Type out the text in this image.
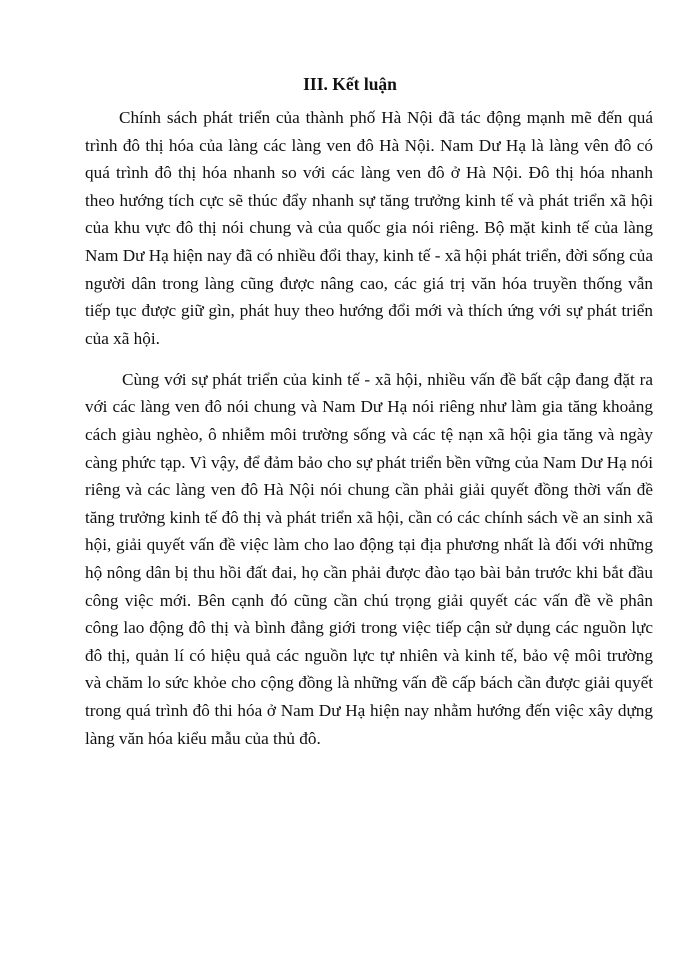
III. Kết luận

Chính sách phát triển của thành phố Hà Nội đã tác động mạnh mẽ đến quá trình đô thị hóa của làng các làng ven đô Hà Nội. Nam Dư Hạ là làng vên đô có quá trình đô thị hóa nhanh so với các làng ven đô ở Hà Nội. Đô thị hóa nhanh theo hướng tích cực sẽ thúc đẩy nhanh sự tăng trưởng kinh tế và phát triển xã hội của khu vực đô thị nói chung và của quốc gia nói riêng. Bộ mặt kinh tế của làng Nam Dư Hạ hiện nay đã có nhiều đổi thay, kinh tế - xã hội phát triển, đời sống của người dân trong làng cũng được nâng cao, các giá trị văn hóa truyền thống vẫn tiếp tục được giữ gìn, phát huy theo hướng đổi mới và thích ứng với sự phát triển của xã hội.

Cùng với sự phát triển của kinh tế - xã hội, nhiều vấn đề bất cập đang đặt ra với các làng ven đô nói chung và Nam Dư Hạ nói riêng như làm gia tăng khoảng cách giàu nghèo, ô nhiễm môi trường sống và các tệ nạn xã hội gia tăng và ngày càng phức tạp. Vì vậy, để đảm bảo cho sự phát triển bền vững của Nam Dư Hạ nói riêng và các làng ven đô Hà Nội nói chung cần phải giải quyết đồng thời vấn đề tăng trưởng kinh tế đô thị và phát triển xã hội, cần có các chính sách về an sinh xã hội, giải quyết vấn đề việc làm cho lao động tại địa phương nhất là đối với những hộ nông dân bị thu hồi đất đai, họ cần phải được đào tạo bài bản trước khi bắt đầu công việc mới. Bên cạnh đó cũng cần chú trọng giải quyết các vấn đề về phân công lao động đô thị và bình đẳng giới trong việc tiếp cận sử dụng các nguồn lực đô thị, quản lí có hiệu quả các nguồn lực tự nhiên và kinh tế, bảo vệ môi trường và chăm lo sức khỏe cho cộng đồng là những vấn đề cấp bách cần được giải quyết trong quá trình đô thi hóa ở Nam Dư Hạ hiện nay nhằm hướng đến việc xây dựng làng văn hóa kiểu mẫu của thủ đô.
